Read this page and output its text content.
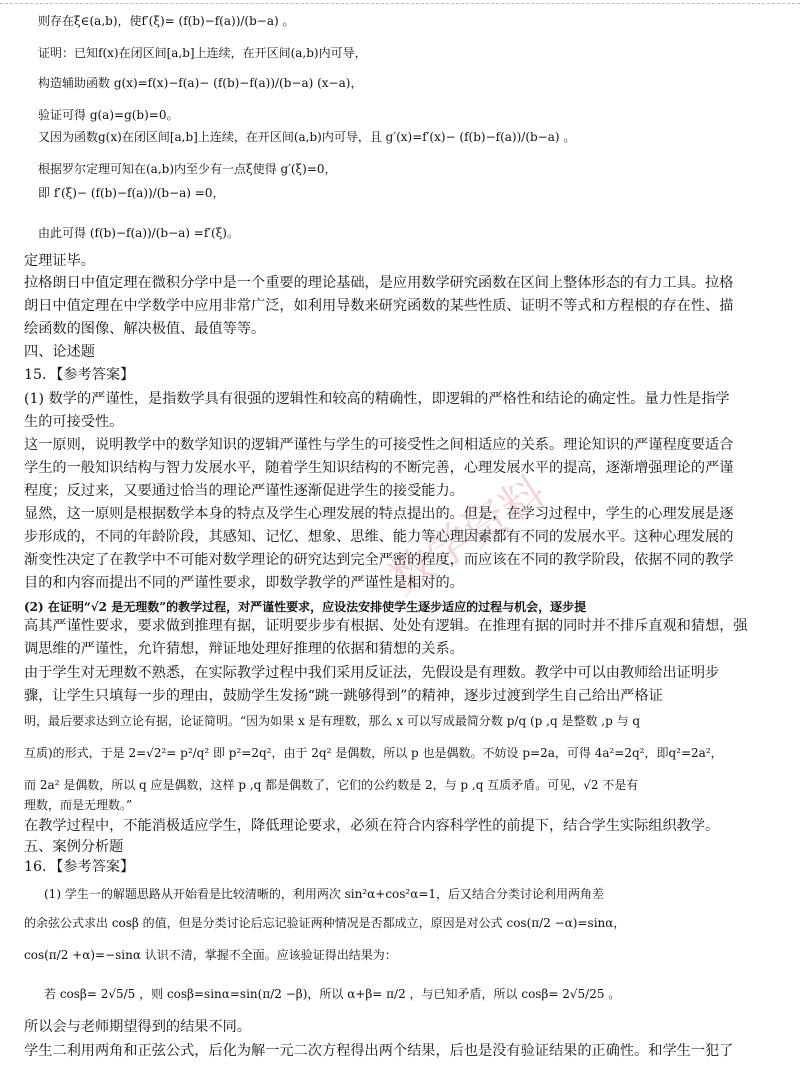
数学资料
则存在ξ∈(a,b)，使f′(ξ)= (f(b)−f(a))/(b−a) 。
证明：已知f(x)在闭区间[a,b]上连续，在开区间(a,b)内可导，
构造辅助函数 g(x)=f(x)−f(a)− (f(b)−f(a))/(b−a) (x−a)，
验证可得 g(a)=g(b)=0。
又因为函数g(x)在闭区间[a,b]上连续，在开区间(a,b)内可导，且 g′(x)=f′(x)− (f(b)−f(a))/(b−a) 。
根据罗尔定理可知在(a,b)内至少有一点ξ使得 g′(ξ)=0，
即 f′(ξ)− (f(b)−f(a))/(b−a) =0，
由此可得 (f(b)−f(a))/(b−a) =f′(ξ)。
定理证毕。
拉格朗日中值定理在微积分学中是一个重要的理论基础，是应用数学研究函数在区间上整体形态的有力工具。拉格
朗日中值定理在中学数学中应用非常广泛，如利用导数来研究函数的某些性质、证明不等式和方程根的存在性、描
绘函数的图像、解决极值、最值等等。
四、论述题
15．【参考答案】
(1) 数学的严谨性，是指数学具有很强的逻辑性和较高的精确性，即逻辑的严格性和结论的确定性。量力性是指学
生的可接受性。
这一原则，说明教学中的数学知识的逻辑严谨性与学生的可接受性之间相适应的关系。理论知识的严谨程度要适合
学生的一般知识结构与智力发展水平，随着学生知识结构的不断完善，心理发展水平的提高，逐渐增强理论的严谨
程度；反过来，又要通过恰当的理论严谨性逐渐促进学生的接受能力。
显然，这一原则是根据数学本身的特点及学生心理发展的特点提出的。但是，在学习过程中，学生的心理发展是逐
步形成的，不同的年龄阶段，其感知、记忆、想象、思维、能力等心理因素都有不同的发展水平。这种心理发展的
渐变性决定了在教学中不可能对数学理论的研究达到完全严密的程度，而应该在不同的教学阶段，依据不同的教学
目的和内容而提出不同的严谨性要求，即数学教学的严谨性是相对的。
(2) 在证明“√2 是无理数”的教学过程，对严谨性要求，应设法安排使学生逐步适应的过程与机会，逐步提
高其严谨性要求，要求做到推理有据，证明要步步有根据、处处有逻辑。在推理有据的同时并不排斥直观和猜想，强
调思维的严谨性，允许猜想，辩证地处理好推理的依据和猜想的关系。
由于学生对无理数不熟悉，在实际教学过程中我们采用反证法，先假设是有理数。教学中可以由教师给出证明步
骤，让学生只填每一步的理由，鼓励学生发扬“跳一跳够得到”的精神，逐步过渡到学生自己给出严格证
明，最后要求达到立论有据，论证简明。“因为如果 x 是有理数，那么 x 可以写成最简分数 p/q (p ,q 是整数 ,p 与 q
互质)的形式，于是 2=√2²= p²/q² 即 p²=2q²，由于 2q² 是偶数，所以 p 也是偶数。不妨设 p=2a，可得 4a²=2q²，即q²=2a²，
而 2a² 是偶数，所以 q 应是偶数，这样 p ,q 都是偶数了，它们的公约数是 2，与 p ,q 互质矛盾。可见，√2 不是有
理数，而是无理数。”
在教学过程中，不能消极适应学生，降低理论要求，必须在符合内容科学性的前提下，结合学生实际组织教学。
五、案例分析题
16．【参考答案】
(1) 学生一的解题思路从开始看是比较清晰的，利用两次 sin²α+cos²α=1，后又结合分类讨论利用两角差
的余弦公式求出 cosβ 的值，但是分类讨论后忘记验证两种情况是否都成立，原因是对公式 cos(π/2 −α)=sinα，
cos(π/2 +α)=−sinα 认识不清，掌握不全面。应该验证得出结果为：
若 cosβ= 2√5/5 ，则 cosβ=sinα=sin(π/2 −β)，所以 α+β= π/2 ，与已知矛盾，所以 cosβ= 2√5/25 。
所以会与老师期望得到的结果不同。
学生二利用两角和正弦公式，后化为解一元二次方程得出两个结果，后也是没有验证结果的正确性。和学生一犯了
